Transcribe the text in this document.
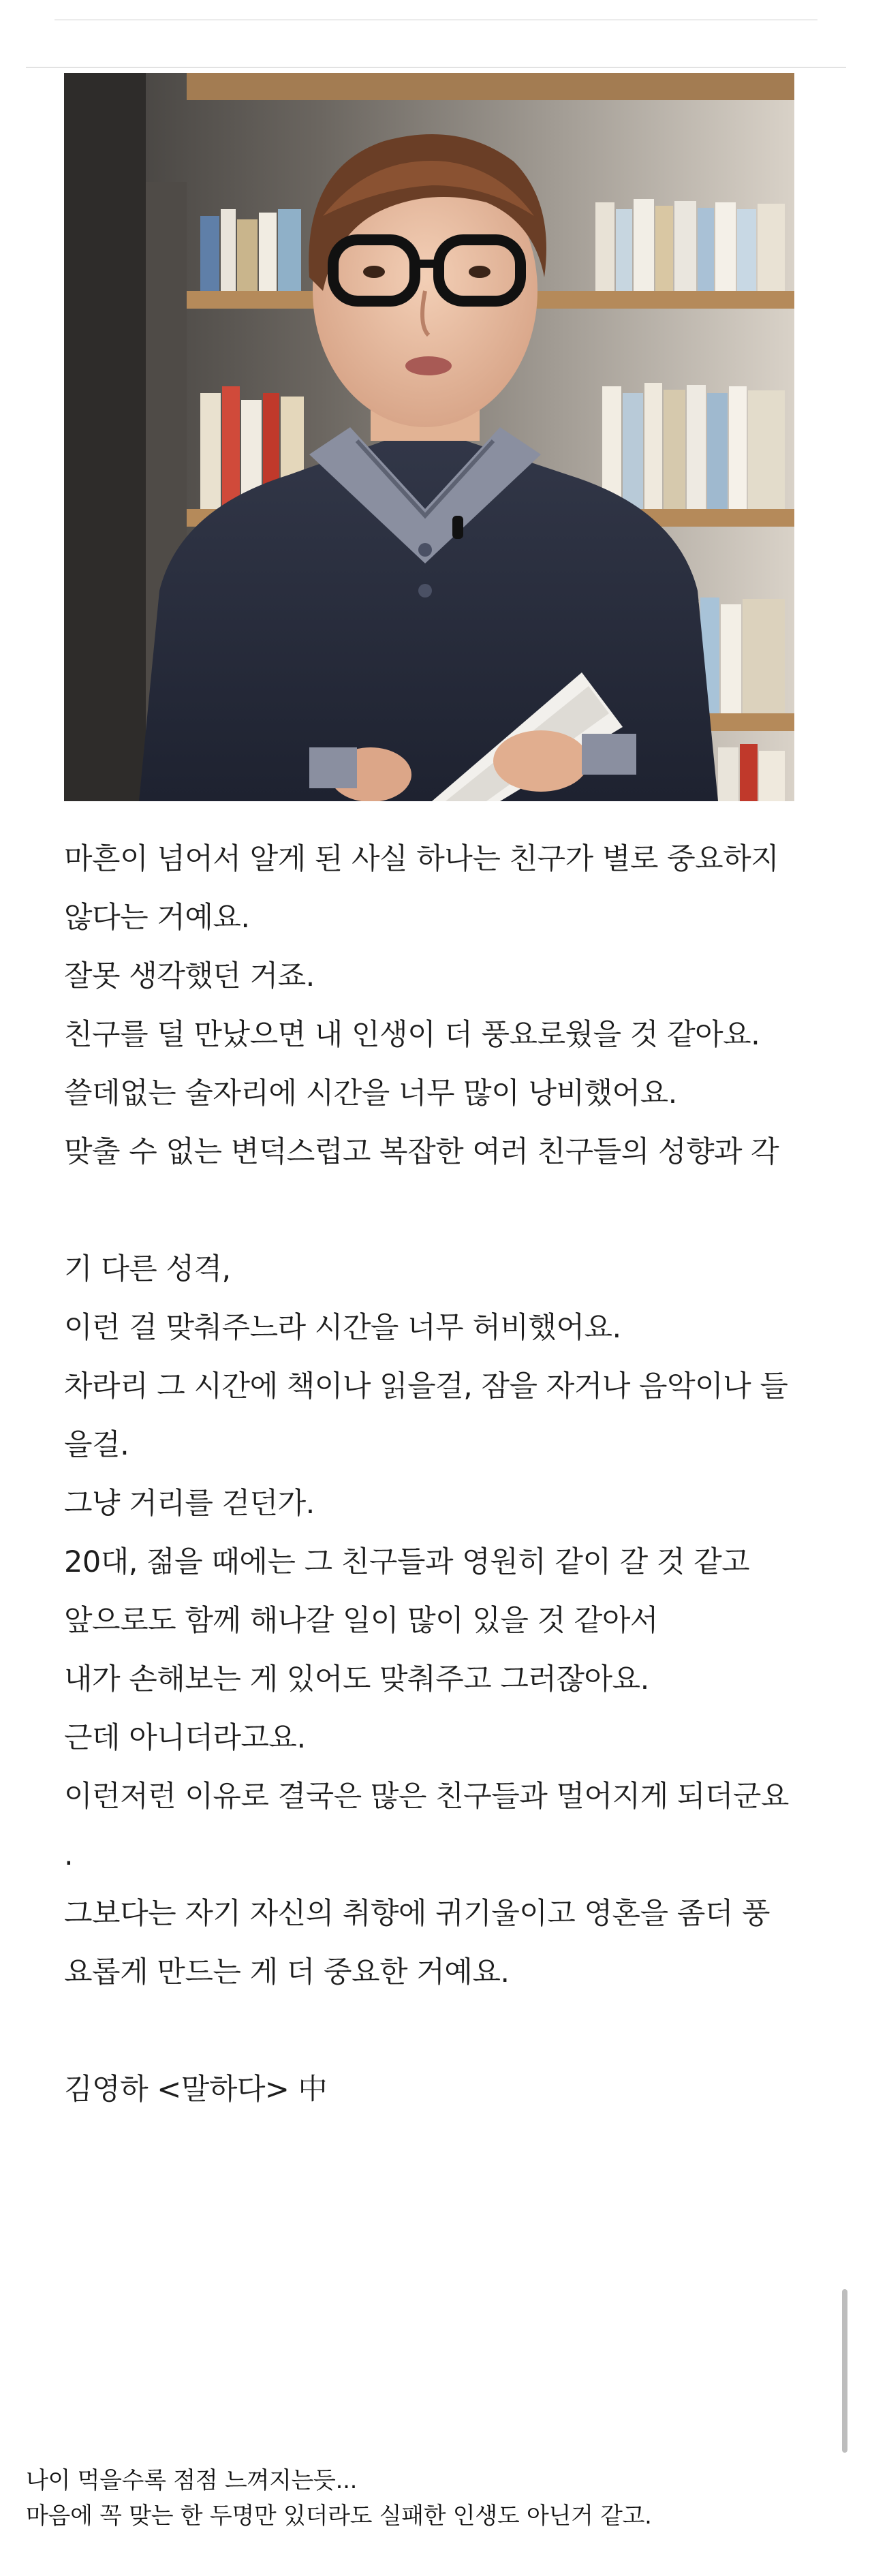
마흔이 넘어서 알게 된 사실 하나는 친구가 별로 중요하지
않다는 거예요.
잘못 생각했던 거죠.
친구를 덜 만났으면 내 인생이 더 풍요로웠을 것 같아요.
쓸데없는 술자리에 시간을 너무 많이 낭비했어요.
맞출 수 없는 변덕스럽고 복잡한 여러 친구들의 성향과 각
기 다른 성격,
이런 걸 맞춰주느라 시간을 너무 허비했어요.
차라리 그 시간에 책이나 읽을걸, 잠을 자거나 음악이나 들
을걸.
그냥 거리를 걷던가.
20대, 젊을 때에는 그 친구들과 영원히 같이 갈 것 같고
앞으로도 함께 해나갈 일이 많이 있을 것 같아서
내가 손해보는 게 있어도 맞춰주고 그러잖아요.
근데 아니더라고요.
이런저런 이유로 결국은 많은 친구들과 멀어지게 되더군요
.
그보다는 자기 자신의 취향에 귀기울이고 영혼을 좀더 풍
요롭게 만드는 게 더 중요한 거예요.
김영하 <말하다> 中
나이 먹을수록 점점 느껴지는듯...
마음에 꼭 맞는 한 두명만 있더라도 실패한 인생도 아닌거 같고.
